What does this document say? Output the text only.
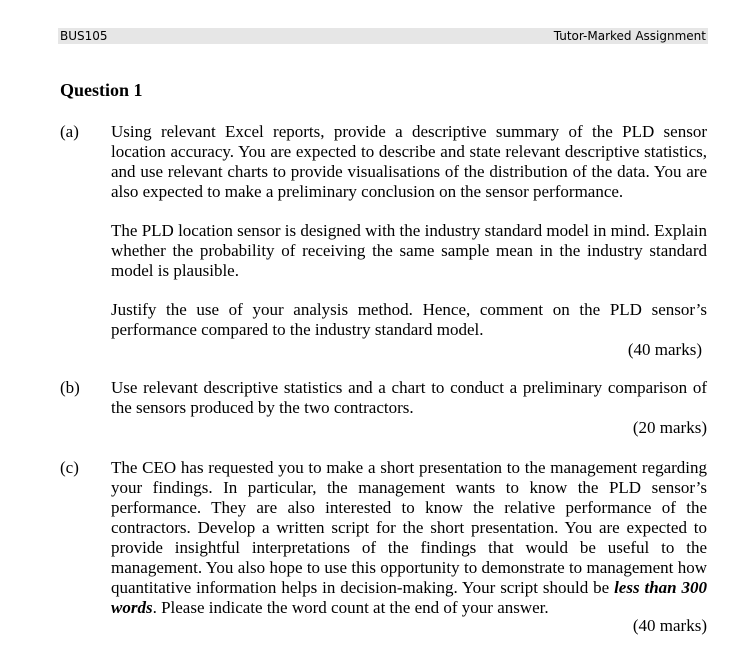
BUS105	Tutor-Marked Assignment
Question 1
(a) Using relevant Excel reports, provide a descriptive summary of the PLD sensor location accuracy. You are expected to describe and state relevant descriptive statistics, and use relevant charts to provide visualisations of the distribution of the data. You are also expected to make a preliminary conclusion on the sensor performance.

The PLD location sensor is designed with the industry standard model in mind. Explain whether the probability of receiving the same sample mean in the industry standard model is plausible.

Justify the use of your analysis method. Hence, comment on the PLD sensor’s performance compared to the industry standard model.

(40 marks)
(b) Use relevant descriptive statistics and a chart to conduct a preliminary comparison of the sensors produced by the two contractors.

(20 marks)
(c) The CEO has requested you to make a short presentation to the management regarding your findings. In particular, the management wants to know the PLD sensor’s performance. They are also interested to know the relative performance of the contractors. Develop a written script for the short presentation. You are expected to provide insightful interpretations of the findings that would be useful to the management. You also hope to use this opportunity to demonstrate to management how quantitative information helps in decision-making. Your script should be less than 300 words. Please indicate the word count at the end of your answer.

(40 marks)
